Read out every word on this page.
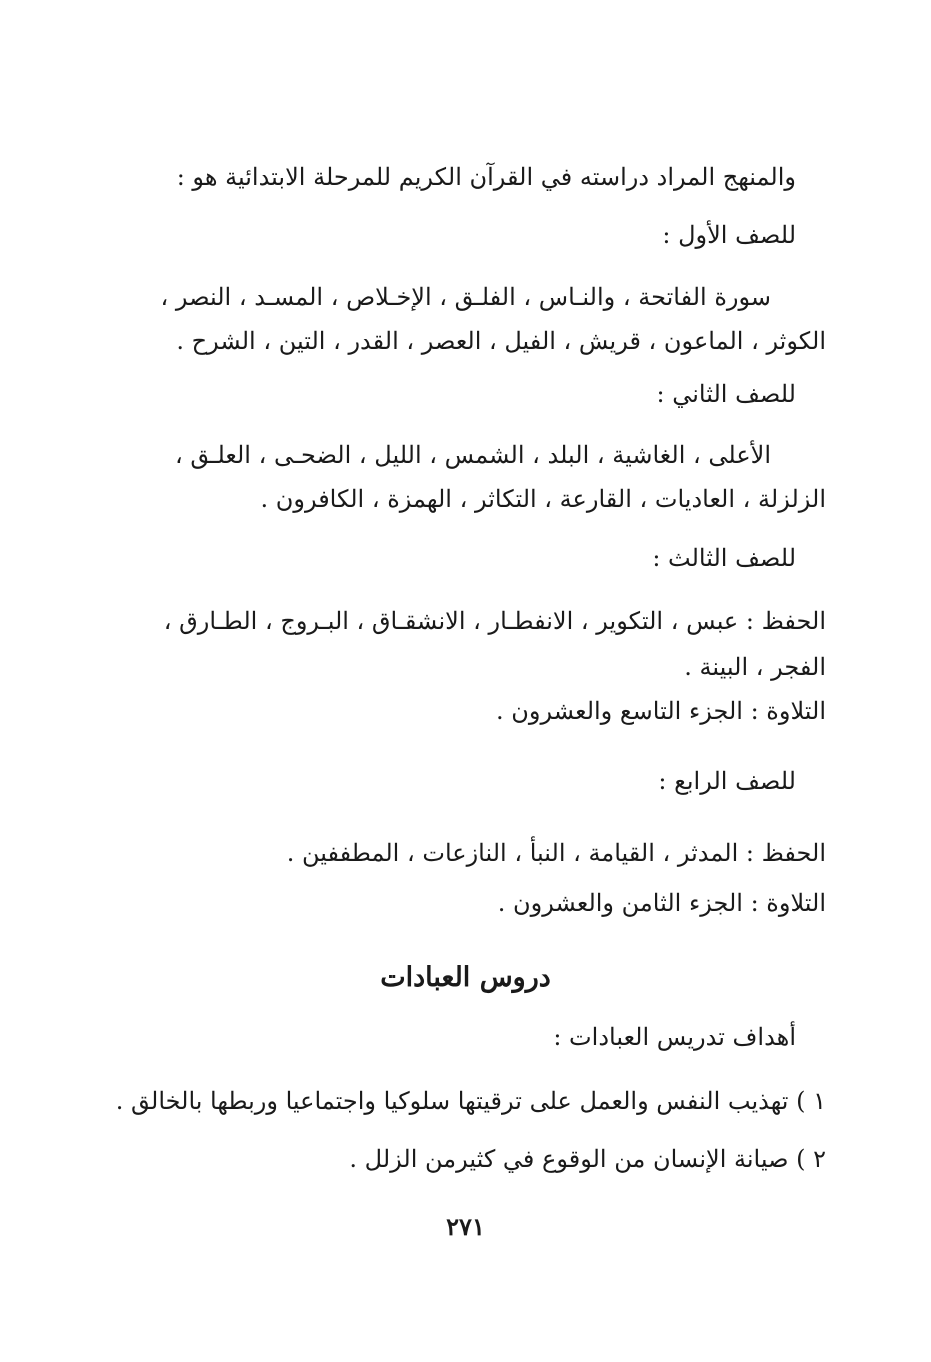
والمنهج المراد دراسته في القرآن الكريم للمرحلة الابتدائية هو :
للصف الأول :
سورة الفاتحة ، والنـاس ، الفلـق ، الإخـلاص ، المسـد ، النصر ،
الكوثر ، الماعون ، قريش ، الفيل ، العصر ، القدر ، التين ، الشرح .
للصف الثاني :
الأعلى ، الغاشية ، البلد ، الشمس ، الليل ، الضحـى ، العلـق ،
الزلزلة ، العاديات ، القارعة ، التكاثر ، الهمزة ، الكافرون .
للصف الثالث :
الحفظ : عبس ، التكوير ، الانفطـار ، الانشقـاق ، البـروج ، الطـارق ،
الفجر ، البينة .
التلاوة : الجزء التاسع والعشرون .
للصف الرابع :
الحفظ : المدثر ، القيامة ، النبأ ، النازعات ، المطففين .
التلاوة : الجزء الثامن والعشرون .
دروس العبادات
أهداف تدريس العبادات :
١ ) تهذيب النفس والعمل على ترقيتها سلوكيا واجتماعيا وربطها بالخالق .
٢ ) صيانة الإنسان من الوقوع في كثيرمن الزلل .
٢٧١
